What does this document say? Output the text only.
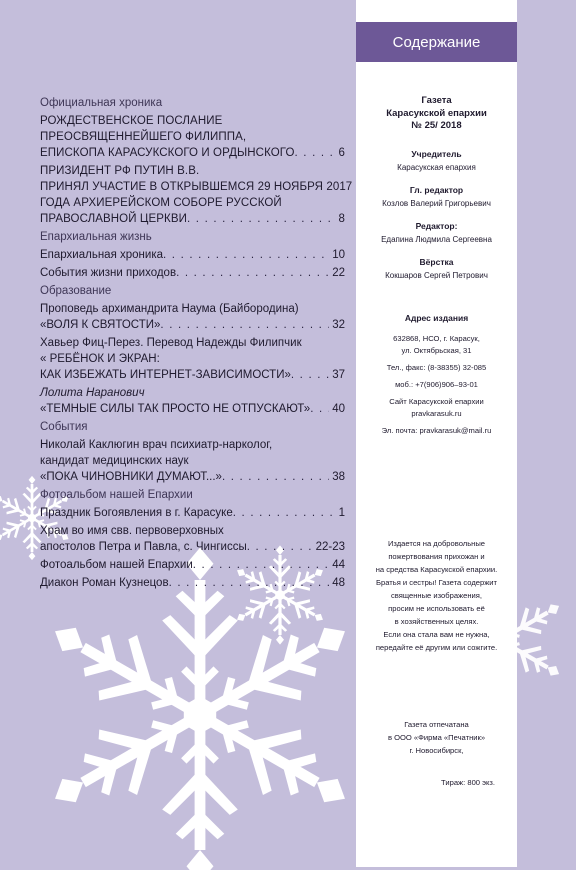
Содержание
Официальная хроника
РОЖДЕСТВЕНСКОЕ ПОСЛАНИЕ
ПРЕОСВЯЩЕННЕЙШЕГО ФИЛИППА,
ЕПИСКОПА КАРАСУКСКОГО И ОРДЫНСКОГО . . .	6
ПРИЗИДЕНТ РФ ПУТИН В.В.
ПРИНЯЛ УЧАСТИЕ В ОТКРЫВШЕМСЯ 29 НОЯБРЯ 2017
ГОДА АРХИЕРЕЙСКОМ СОБОРЕ РУССКОЙ
ПРАВОСЛАВНОЙ ЦЕРКВИ . . .	8
Епархиальная жизнь
Епархиальная хроника . . .	10
События жизни приходов . . .	22
Образование
Проповедь архимандрита Наума (Байбородина)
«ВОЛЯ К СВЯТОСТИ» . . .	32
Хавьер Фиц-Перез. Перевод Надежды Филипчик
« РЕБЁНОК И ЭКРАН:
КАК ИЗБЕЖАТЬ ИНТЕРНЕТ-ЗАВИСИМОСТИ» . . .	37
Лолита Наранович
«ТЕМНЫЕ СИЛЫ ТАК ПРОСТО НЕ ОТПУСКАЮТ» . . . 40
События
Николай Каклюгин врач психиатр-нарколог,
кандидат медицинских наук
«ПОКА ЧИНОВНИКИ ДУМАЮТ...» . . .	38
Фотоальбом нашей Епархии
Праздник Богоявления в г. Карасуке . . .	1
Храм во имя свв. первоверховных
апостолов Петра и Павла, с. Чингиссы . . .	22-23
Фотоальбом нашей Епархии . . .	44
Диакон Роман Кузнецов . . .	48
Газета
Карасукской епархии
№ 25/ 2018
Учредитель
Карасукская епархия
Гл. редактор
Козлов Валерий Григорьевич
Редактор:
Едапина Людмила Сергеевна
Вёрстка
Кокшаров Сергей Петрович
Адрес издания
632868, НСО, г. Карасук,
ул. Октябрьская, 31
Тел., факс: (8-38355) 32-085
моб.: +7(906)906–93-01
Сайт Карасукской епархии
pravkarasuk.ru
Эл. почта: pravkarasuk@mail.ru
Издается на добровольные
пожертвования прихожан и
на средства Карасукской епархии.
Братья и сестры! Газета содержит
священные изображения,
просим не использовать её
в хозяйственных целях.
Если она стала вам не нужна,
передайте её другим или сожгите.
Газета отпечатана
в ООО «Фирма «Печатник»
г. Новосибирск,
Тираж: 800 экз.
